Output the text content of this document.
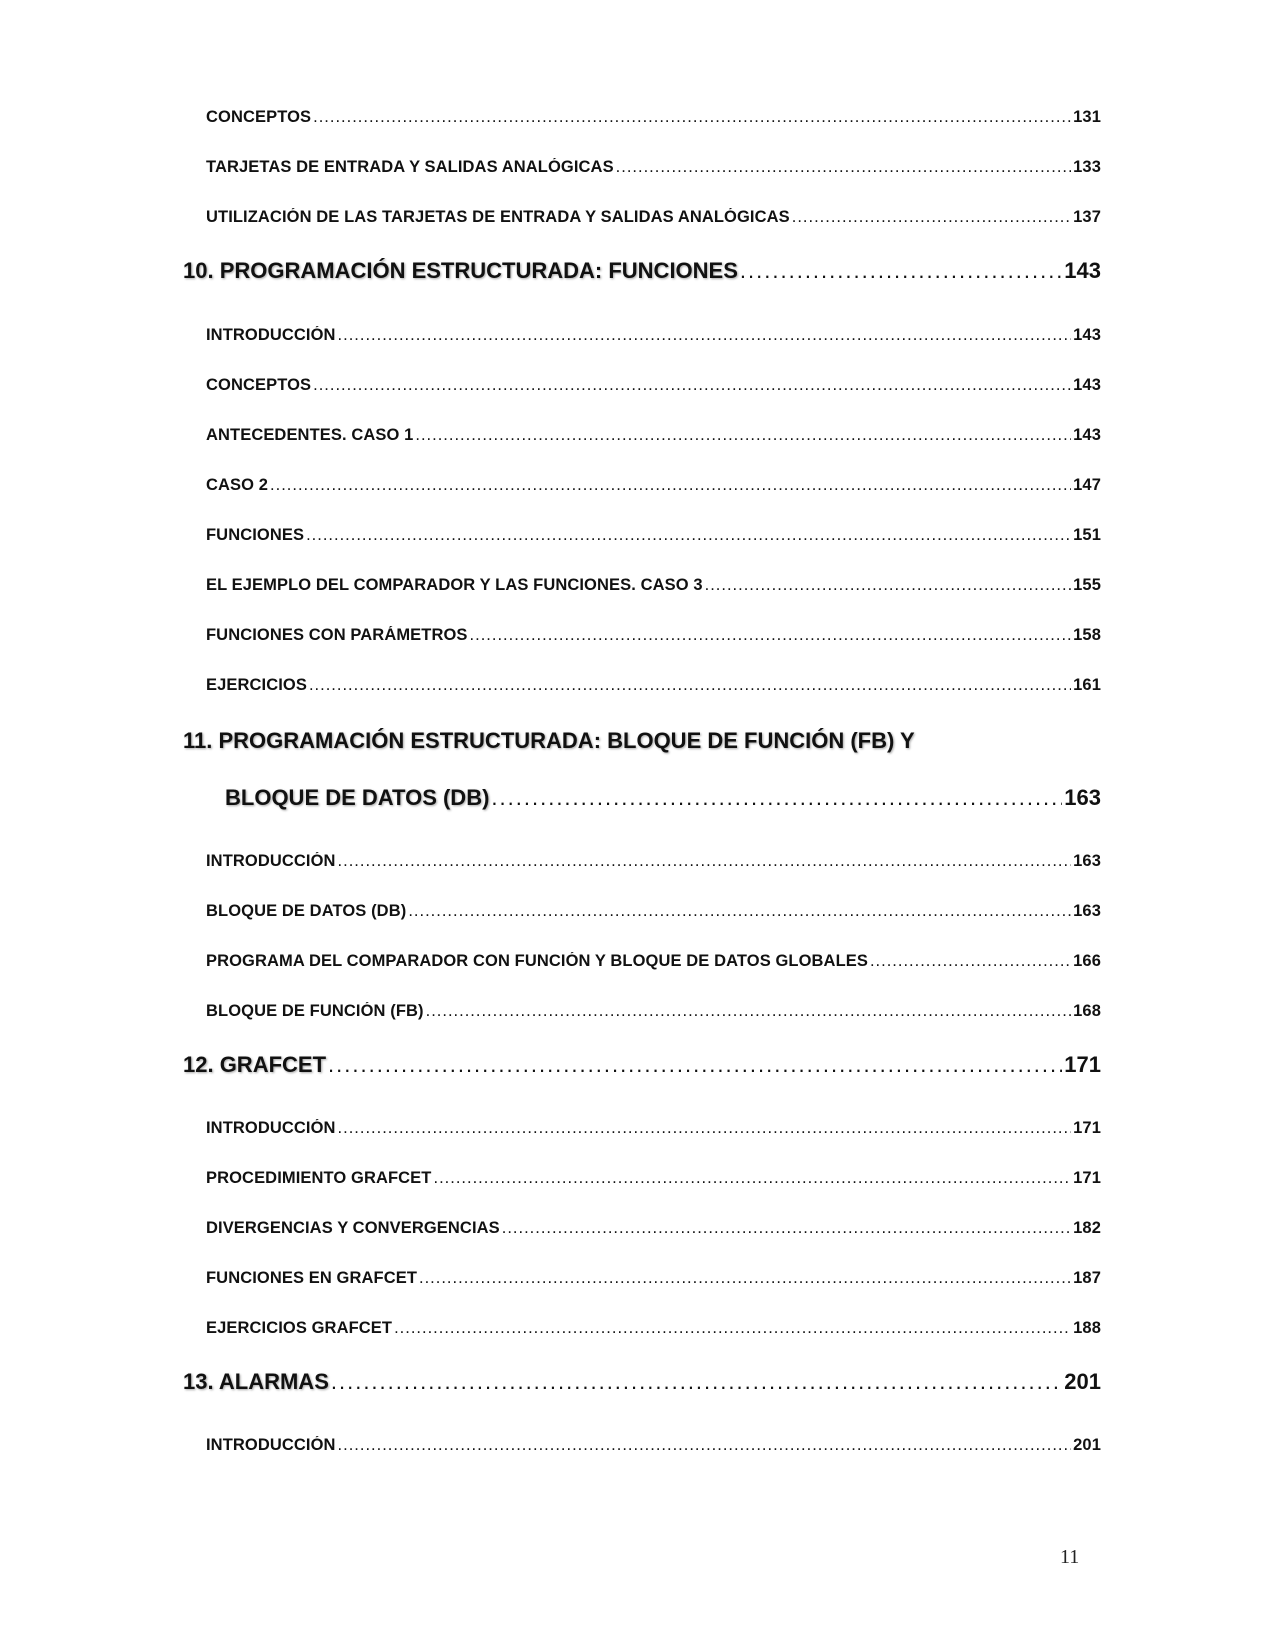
CONCEPTOS .....	131
TARJETAS DE ENTRADA Y SALIDAS ANALÓGICAS .....	133
UTILIZACIÓN DE LAS TARJETAS DE ENTRADA Y SALIDAS ANALÓGICAS .....	137
10. PROGRAMACIÓN ESTRUCTURADA: FUNCIONES .....	143
INTRODUCCIÓN .....	143
CONCEPTOS .....	143
ANTECEDENTES. CASO 1 .....	143
CASO 2 .....	147
FUNCIONES .....	151
EL EJEMPLO DEL COMPARADOR Y LAS FUNCIONES. CASO 3 .....	155
FUNCIONES CON PARÁMETROS .....	158
EJERCICIOS .....	161
11. PROGRAMACIÓN ESTRUCTURADA: BLOQUE DE FUNCIÓN (FB) Y
BLOQUE DE DATOS (DB) .....	163
INTRODUCCIÓN .....	163
BLOQUE DE DATOS (DB) .....	163
PROGRAMA DEL COMPARADOR CON FUNCIÓN Y BLOQUE DE DATOS GLOBALES .....	166
BLOQUE DE FUNCIÓN (FB) .....	168
12. GRAFCET .....	171
INTRODUCCIÓN .....	171
PROCEDIMIENTO GRAFCET .....	171
DIVERGENCIAS Y CONVERGENCIAS .....	182
FUNCIONES EN GRAFCET .....	187
EJERCICIOS GRAFCET .....	188
13. ALARMAS .....	201
INTRODUCCIÓN .....	201
11
